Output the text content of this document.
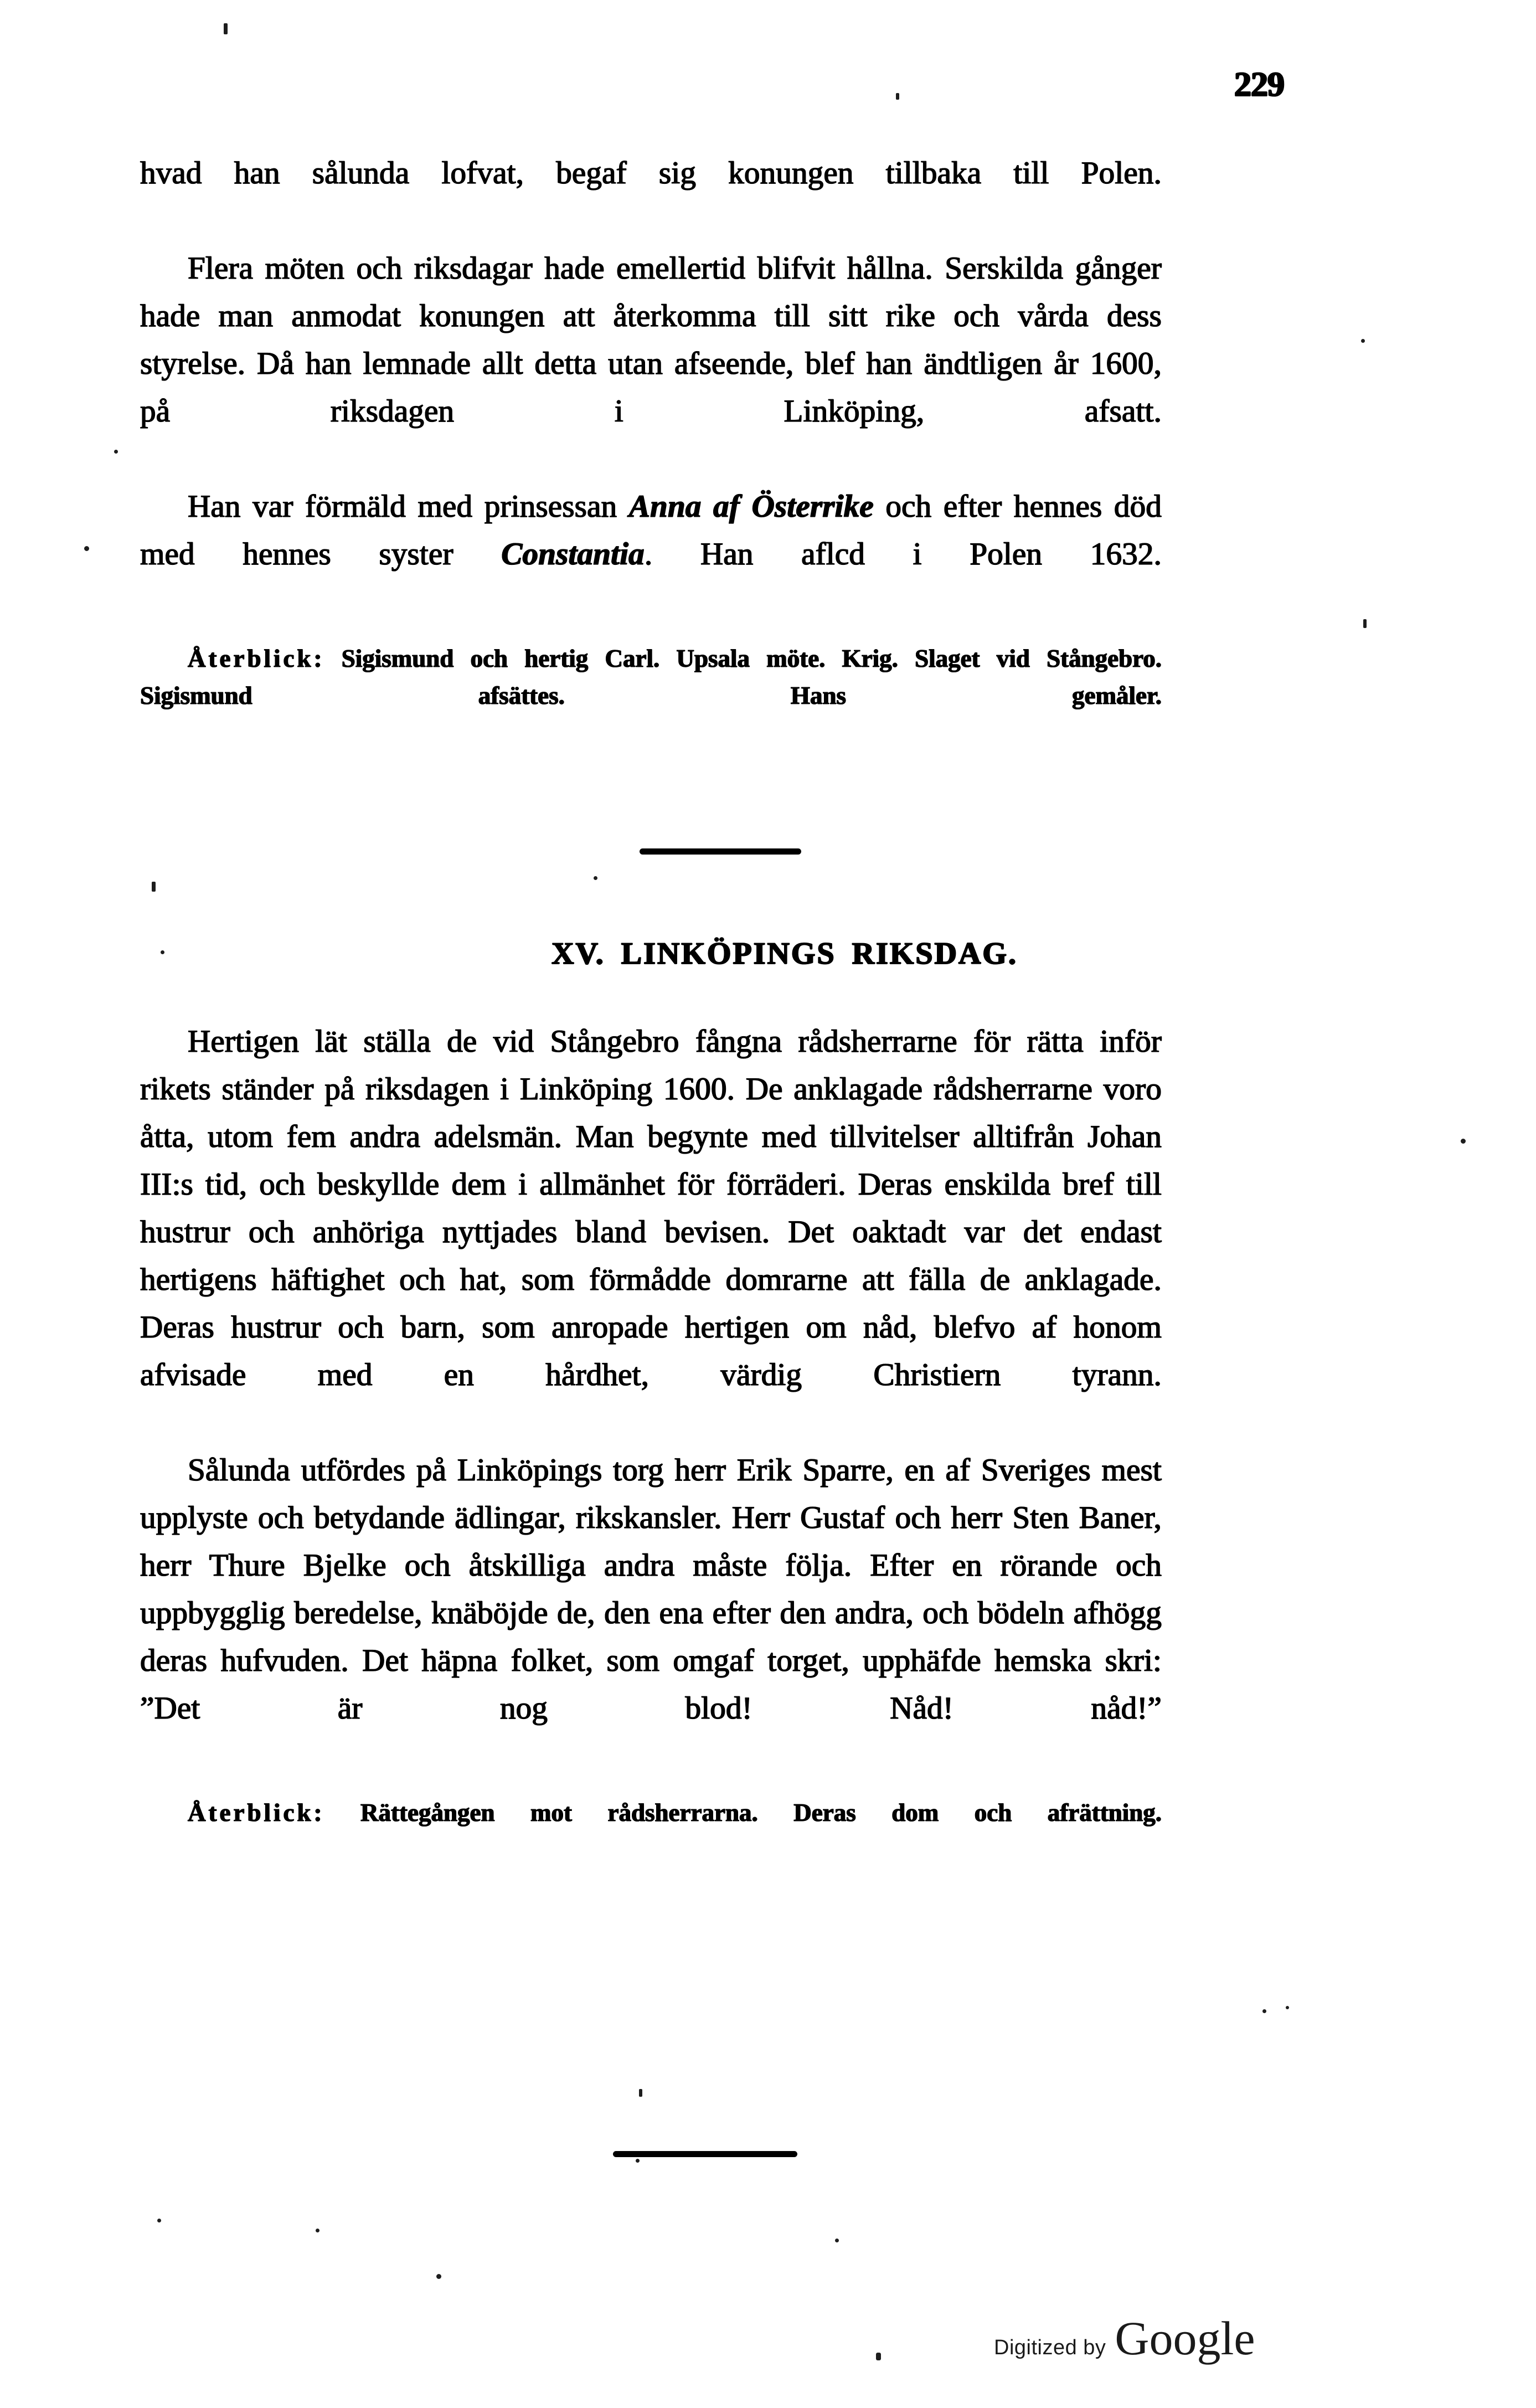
229

hvad han sålunda lofvat, begaf sig konungen tillbaka till Polen.

Flera möten och riksdagar hade emellertid blifvit hållna. Serskilda gånger hade man anmodat konungen att återkomma till sitt rike och vårda dess styrelse. Då han lemnade allt detta utan afseende, blef han ändtligen år 1600, på riksdagen i Linköping, afsatt.

Han var förmäld med prinsessan Anna af Österrike och efter hennes död med hennes syster Constantia. Han aflcd i Polen 1632.

Återblick: Sigismund och hertig Carl. Upsala möte. Krig. Slaget vid Stångebro. Sigismund afsättes. Hans gemåler.
XV. LINKÖPINGS RIKSDAG.

Hertigen lät ställa de vid Stångebro fångna rådsherrarne för rätta inför rikets ständer på riksdagen i Linköping 1600. De anklagade rådsherrarne voro åtta, utom fem andra adelsmän. Man begynte med tillvitelser alltifrån Johan III:s tid, och beskyllde dem i allmänhet för förräderi. Deras enskilda bref till hustrur och anhöriga nyttjades bland bevisen. Det oaktadt var det endast hertigens häftighet och hat, som förmådde domrarne att fälla de anklagade. Deras hustrur och barn, som anropade hertigen om nåd, blefvo af honom afvisade med en hårdhet, värdig Christiern tyrann.

Sålunda utfördes på Linköpings torg herr Erik Sparre, en af Sveriges mest upplyste och betydande ädlingar, rikskansler. Herr Gustaf och herr Sten Baner, herr Thure Bjelke och åtskilliga andra måste följa. Efter en rörande och uppbygglig beredelse, knäböjde de, den ena efter den andra, och bödeln afhögg deras hufvuden. Det häpna folket, som omgaf torget, upphäfde hemska skri: ”Det är nog blod! Nåd! nåd!”

Återblick: Rättegången mot rådsherrarna. Deras dom och afrättning.
Digitized by Google
